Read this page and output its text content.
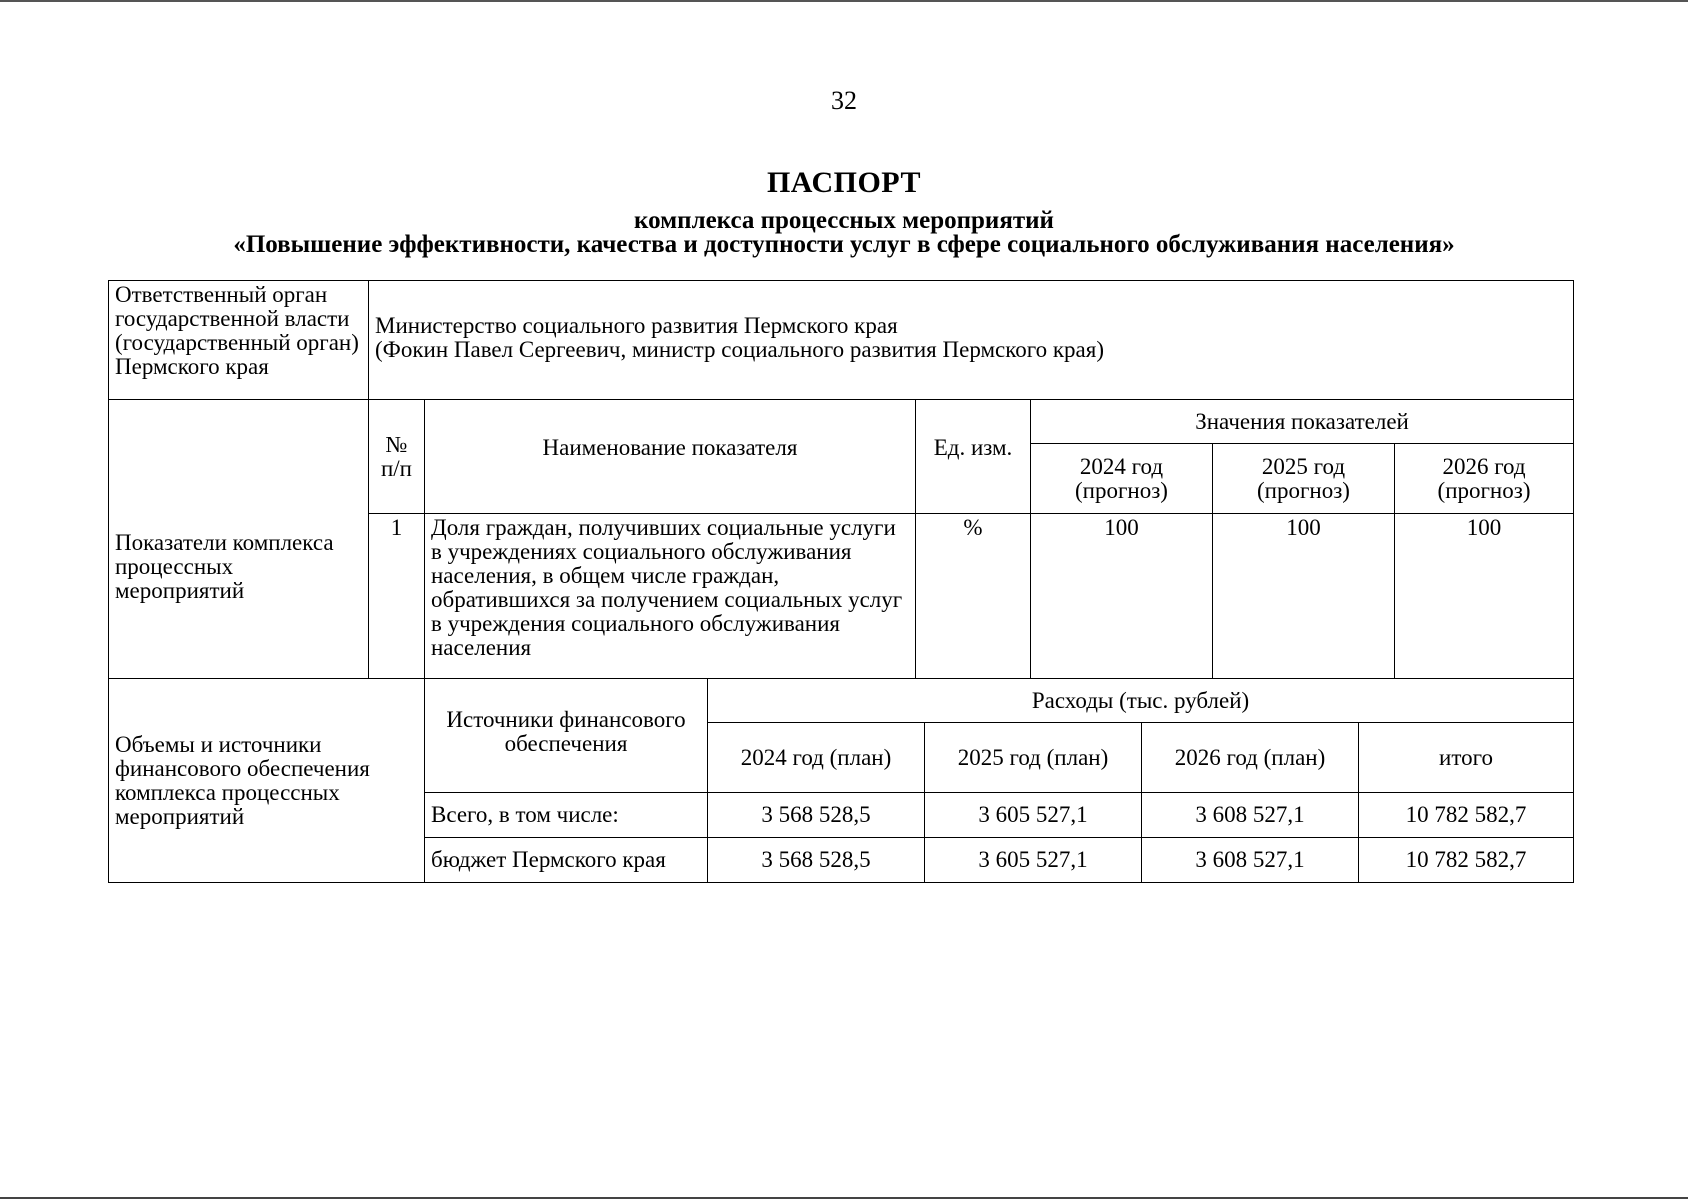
32
ПАСПОРТ
комплекса процессных мероприятий
«Повышение эффективности, качества и доступности услуг в сфере социального обслуживания населения»
Ответственный орган государственной власти (государственный орган) Пермского края	Министерство социального развития Пермского края
(Фокин Павел Сергеевич, министр социального развития Пермского края)					

Показатели комплекса процессных мероприятий	№ п/п	Наименование показателя	Ед. изм.	Значения показателей		
				2024 год (прогноз)	2025 год (прогноз)	2026 год (прогноз)
	1	Доля граждан, получивших социальные услуги в учреждениях социального обслуживания населения, в общем числе граждан, обратившихся за получением социальных услуг в учреждения социального обслуживания населения	%	100	100	100
Объемы и источники финансового обеспечения комплекса процессных мероприятий	Источники финансового обеспечения	Расходы (тыс. рублей)			
		2024 год (план)	2025 год (план)	2026 год (план)	итого
	Всего, в том числе:	3 568 528,5	3 605 527,1	3 608 527,1	10 782 582,7
	бюджет Пермского края	3 568 528,5	3 605 527,1	3 608 527,1	10 782 582,7
